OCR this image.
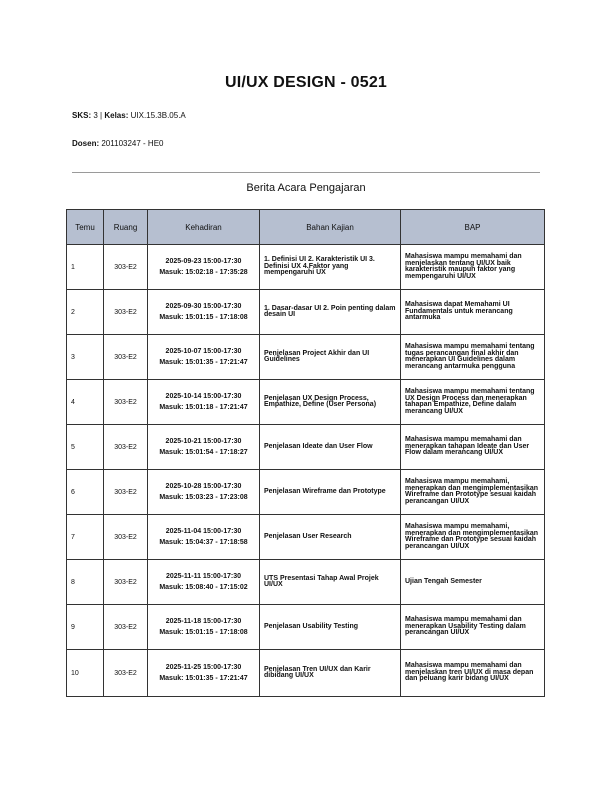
UI/UX DESIGN - 0521
SKS: 3 | Kelas: UIX.15.3B.05.A
Dosen: 201103247 - HE0
Berita Acara Pengajaran
Temu	Ruang	Kehadiran	Bahan Kajian	BAP
1	303-E2	2025-09-23 15:00-17:30
Masuk: 15:02:18 - 17:35:28	1. Definisi UI 2. Karakteristik UI 3. Definisi UX 4.Faktor yang mempengaruhi UX	Mahasiswa mampu memahami dan menjelaskan tentang UI/UX baik karakteristik maupun faktor yang mempengaruhi UI/UX
2	303-E2	2025-09-30 15:00-17:30
Masuk: 15:01:15 - 17:18:08	1. Dasar-dasar UI 2. Poin penting dalam desain UI	Mahasiswa dapat Memahami UI Fundamentals untuk merancang antarmuka
3	303-E2	2025-10-07 15:00-17:30
Masuk: 15:01:35 - 17:21:47	Penjelasan Project Akhir dan UI Guidelines	Mahasiswa mampu memahami tentang tugas perancangan final akhir dan menerapkan UI Guidelines dalam merancang antarmuka pengguna
4	303-E2	2025-10-14 15:00-17:30
Masuk: 15:01:18 - 17:21:47	Penjelasan UX Design Process, Empathize, Define (User Persona)	Mahasiswa mampu memahami tentang UX Design Process dan menerapkan tahapan Empathize, Define dalam merancang UI/UX
5	303-E2	2025-10-21 15:00-17:30
Masuk: 15:01:54 - 17:18:27	Penjelasan Ideate dan User Flow	Mahasiswa mampu memahami dan menerapkan tahapan Ideate dan User Flow dalam merancang UI/UX
6	303-E2	2025-10-28 15:00-17:30
Masuk: 15:03:23 - 17:23:08	Penjelasan Wireframe dan Prototype	Mahasiswa mampu memahami, menerapkan dan mengimplementasikan Wireframe dan Prototype sesuai kaidah perancangan UI/UX
7	303-E2	2025-11-04 15:00-17:30
Masuk: 15:04:37 - 17:18:58	Penjelasan User Research	Mahasiswa mampu memahami, menerapkan dan mengimplementasikan Wireframe dan Prototype sesuai kaidah perancangan UI/UX
8	303-E2	2025-11-11 15:00-17:30
Masuk: 15:08:40 - 17:15:02	UTS Presentasi Tahap Awal Projek UI/UX	Ujian Tengah Semester
9	303-E2	2025-11-18 15:00-17:30
Masuk: 15:01:15 - 17:18:08	Penjelasan Usability Testing	Mahasiswa mampu memahami dan menerapkan Usability Testing dalam perancangan UI/UX
10	303-E2	2025-11-25 15:00-17:30
Masuk: 15:01:35 - 17:21:47	Penjelasan Tren UI/UX dan Karir dibidang UI/UX	Mahasiswa mampu memahami dan menjelaskan tren UI/UX di masa depan dan peluang karir bidang UI/UX
